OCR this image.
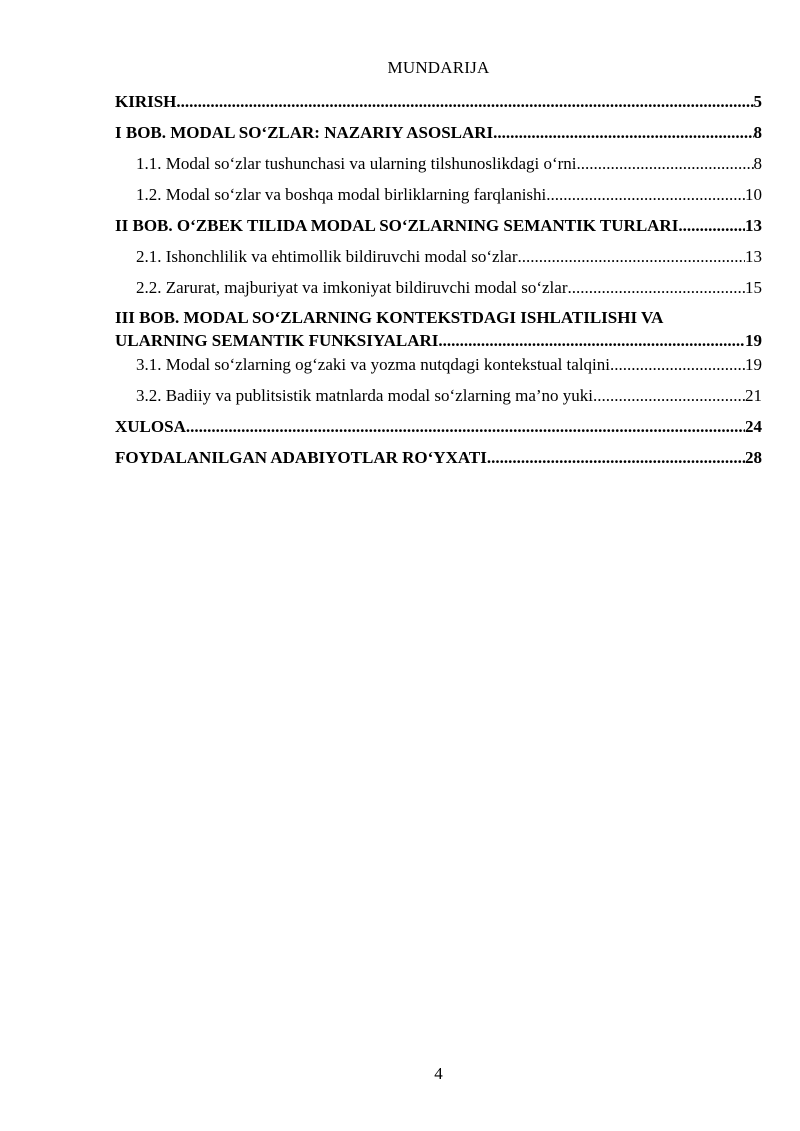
MUNDARIJA
KIRISH .....	5
I BOB. MODAL SO‘ZLAR: NAZARIY ASOSLARI .....	8
1.1. Modal so‘zlar tushunchasi va ularning tilshunoslikdagi o‘rni .....	8
1.2. Modal so‘zlar va boshqa modal birliklarning farqlanishi .....	10
II BOB. O‘ZBEK TILIDA MODAL SO‘ZLARNING SEMANTIK TURLARI .....	13
2.1. Ishonchlilik va ehtimollik bildiruvchi modal so‘zlar .....	13
2.2. Zarurat, majburiyat va imkoniyat bildiruvchi modal so‘zlar .....	15
III BOB. MODAL SO‘ZLARNING KONTEKSTDAGI ISHLATILISHI VA
ULARNING SEMANTIK FUNKSIYALARI .....	19
3.1. Modal so‘zlarning og‘zaki va yozma nutqdagi kontekstual talqini .....	19
3.2. Badiiy va publitsistik matnlarda modal so‘zlarning ma’no yuki .....	21
XULOSA .....	24
FOYDALANILGAN ADABIYOTLAR RO‘YXATI .....	28
4
